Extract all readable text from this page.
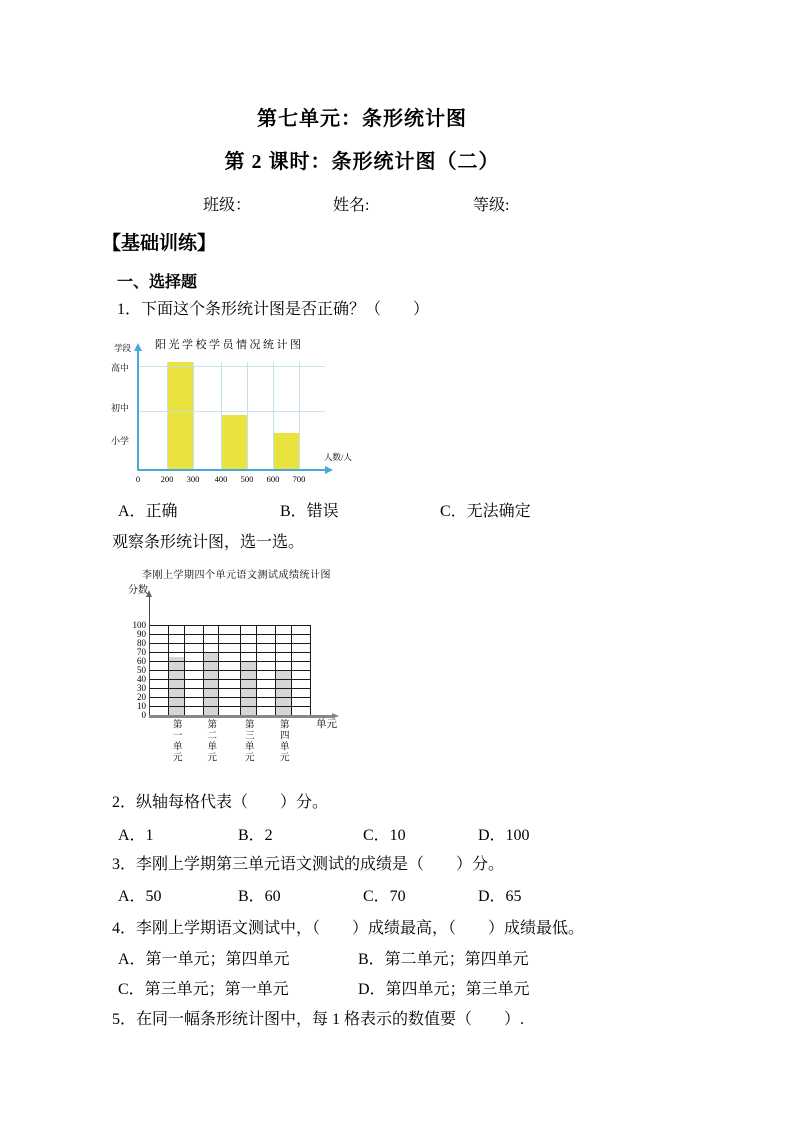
第七单元：条形统计图
第 2 课时：条形统计图（二）
班级：	姓名:	等级:
【基础训练】
一、选择题
1．下面这个条形统计图是否正确？（　　）
阳光学校学员情况统计图
学段
人数/人
0	200	300	400	500	600	700
高中
初中
小学
A．正确	B．错误	C．无法确定
观察条形统计图，选一选。
李刚上学期四个单元语文测试成绩统计图
分数
单元
0
10
20
30
40
50
60
70
80
90
100
第一单元	第二单元	第三单元	第四单元
2．纵轴每格代表（　　）分。
A．1	B．2	C．10	D．100
3．李刚上学期第三单元语文测试的成绩是（　　）分。
A．50	B．60	C．70	D．65
4．李刚上学期语文测试中，（　　）成绩最高，（　　）成绩最低。
A．第一单元；第四单元	B．第二单元；第四单元
C．第三单元；第一单元	D．第四单元；第三单元
5．在同一幅条形统计图中，每 1 格表示的数值要（　　）.
